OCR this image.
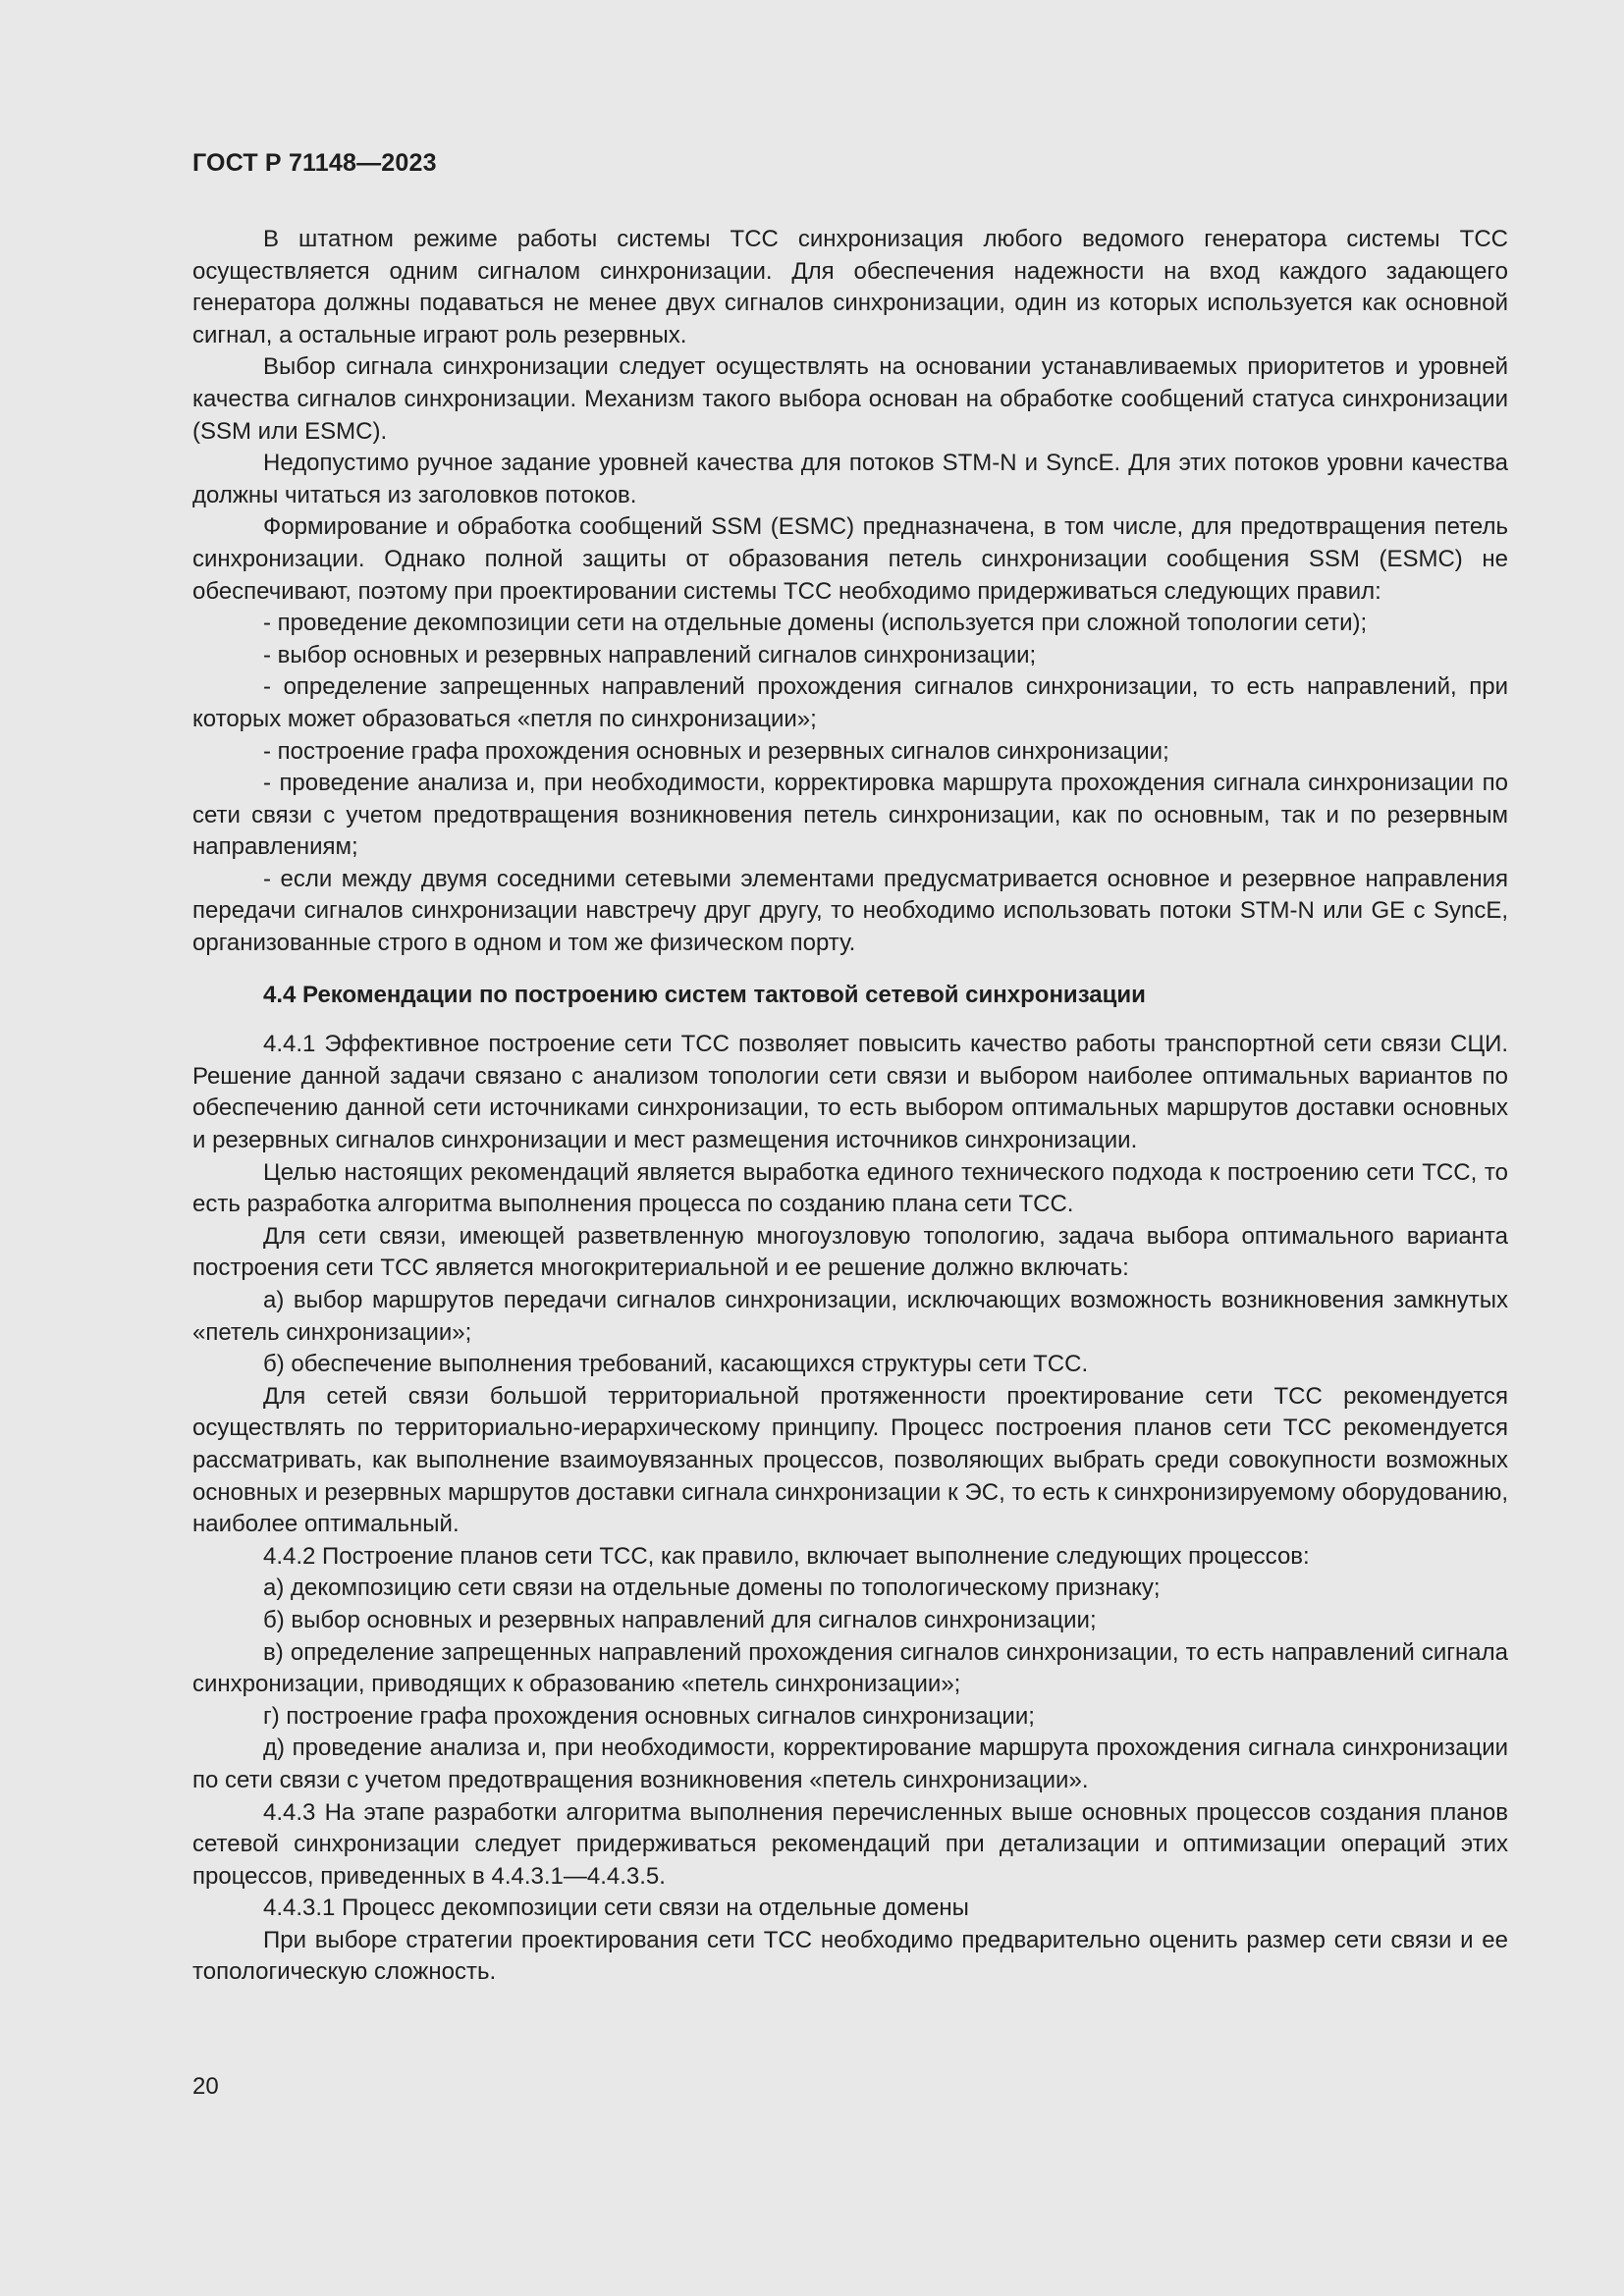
ГОСТ Р 71148—2023

В штатном режиме работы системы ТСС синхронизация любого ведомого генератора системы ТСС осуществляется одним сигналом синхронизации. Для обеспечения надежности на вход каждого задающего генератора должны подаваться не менее двух сигналов синхронизации, один из которых используется как основной сигнал, а остальные играют роль резервных.

Выбор сигнала синхронизации следует осуществлять на основании устанавливаемых приоритетов и уровней качества сигналов синхронизации. Механизм такого выбора основан на обработке сообщений статуса синхронизации (SSM или ESMC).

Недопустимо ручное задание уровней качества для потоков STM-N и SyncE. Для этих потоков уровни качества должны читаться из заголовков потоков.

Формирование и обработка сообщений SSM (ESMC) предназначена, в том числе, для предотвращения петель синхронизации. Однако полной защиты от образования петель синхронизации сообщения SSM (ESMC) не обеспечивают, поэтому при проектировании системы ТСС необходимо придерживаться следующих правил:

- проведение декомпозиции сети на отдельные домены (используется при сложной топологии сети);

- выбор основных и резервных направлений сигналов синхронизации;

- определение запрещенных направлений прохождения сигналов синхронизации, то есть направлений, при которых может образоваться «петля по синхронизации»;

- построение графа прохождения основных и резервных сигналов синхронизации;

- проведение анализа и, при необходимости, корректировка маршрута прохождения сигнала синхронизации по сети связи с учетом предотвращения возникновения петель синхронизации, как по основным, так и по резервным направлениям;

- если между двумя соседними сетевыми элементами предусматривается основное и резервное направления передачи сигналов синхронизации навстречу друг другу, то необходимо использовать потоки STM-N или GE с SyncE, организованные строго в одном и том же физическом порту.

4.4 Рекомендации по построению систем тактовой сетевой синхронизации

4.4.1 Эффективное построение сети ТСС позволяет повысить качество работы транспортной сети связи СЦИ. Решение данной задачи связано с анализом топологии сети связи и выбором наиболее оптимальных вариантов по обеспечению данной сети источниками синхронизации, то есть выбором оптимальных маршрутов доставки основных и резервных сигналов синхронизации и мест размещения источников синхронизации.

Целью настоящих рекомендаций является выработка единого технического подхода к построению сети ТСС, то есть разработка алгоритма выполнения процесса по созданию плана сети ТСС.

Для сети связи, имеющей разветвленную многоузловую топологию, задача выбора оптимального варианта построения сети ТСС является многокритериальной и ее решение должно включать:

а) выбор маршрутов передачи сигналов синхронизации, исключающих возможность возникновения замкнутых «петель синхронизации»;

б) обеспечение выполнения требований, касающихся структуры сети ТСС.

Для сетей связи большой территориальной протяженности проектирование сети ТСС рекомендуется осуществлять по территориально-иерархическому принципу. Процесс построения планов сети ТСС рекомендуется рассматривать, как выполнение взаимоувязанных процессов, позволяющих выбрать среди совокупности возможных основных и резервных маршрутов доставки сигнала синхронизации к ЭС, то есть к синхронизируемому оборудованию, наиболее оптимальный.

4.4.2 Построение планов сети ТСС, как правило, включает выполнение следующих процессов:

а) декомпозицию сети связи на отдельные домены по топологическому признаку;

б) выбор основных и резервных направлений для сигналов синхронизации;

в) определение запрещенных направлений прохождения сигналов синхронизации, то есть направлений сигнала синхронизации, приводящих к образованию «петель синхронизации»;

г) построение графа прохождения основных сигналов синхронизации;

д) проведение анализа и, при необходимости, корректирование маршрута прохождения сигнала синхронизации по сети связи с учетом предотвращения возникновения «петель синхронизации».

4.4.3 На этапе разработки алгоритма выполнения перечисленных выше основных процессов создания планов сетевой синхронизации следует придерживаться рекомендаций при детализации и оптимизации операций этих процессов, приведенных в 4.4.3.1—4.4.3.5.

4.4.3.1 Процесс декомпозиции сети связи на отдельные домены

При выборе стратегии проектирования сети ТСС необходимо предварительно оценить размер сети связи и ее топологическую сложность.

20
